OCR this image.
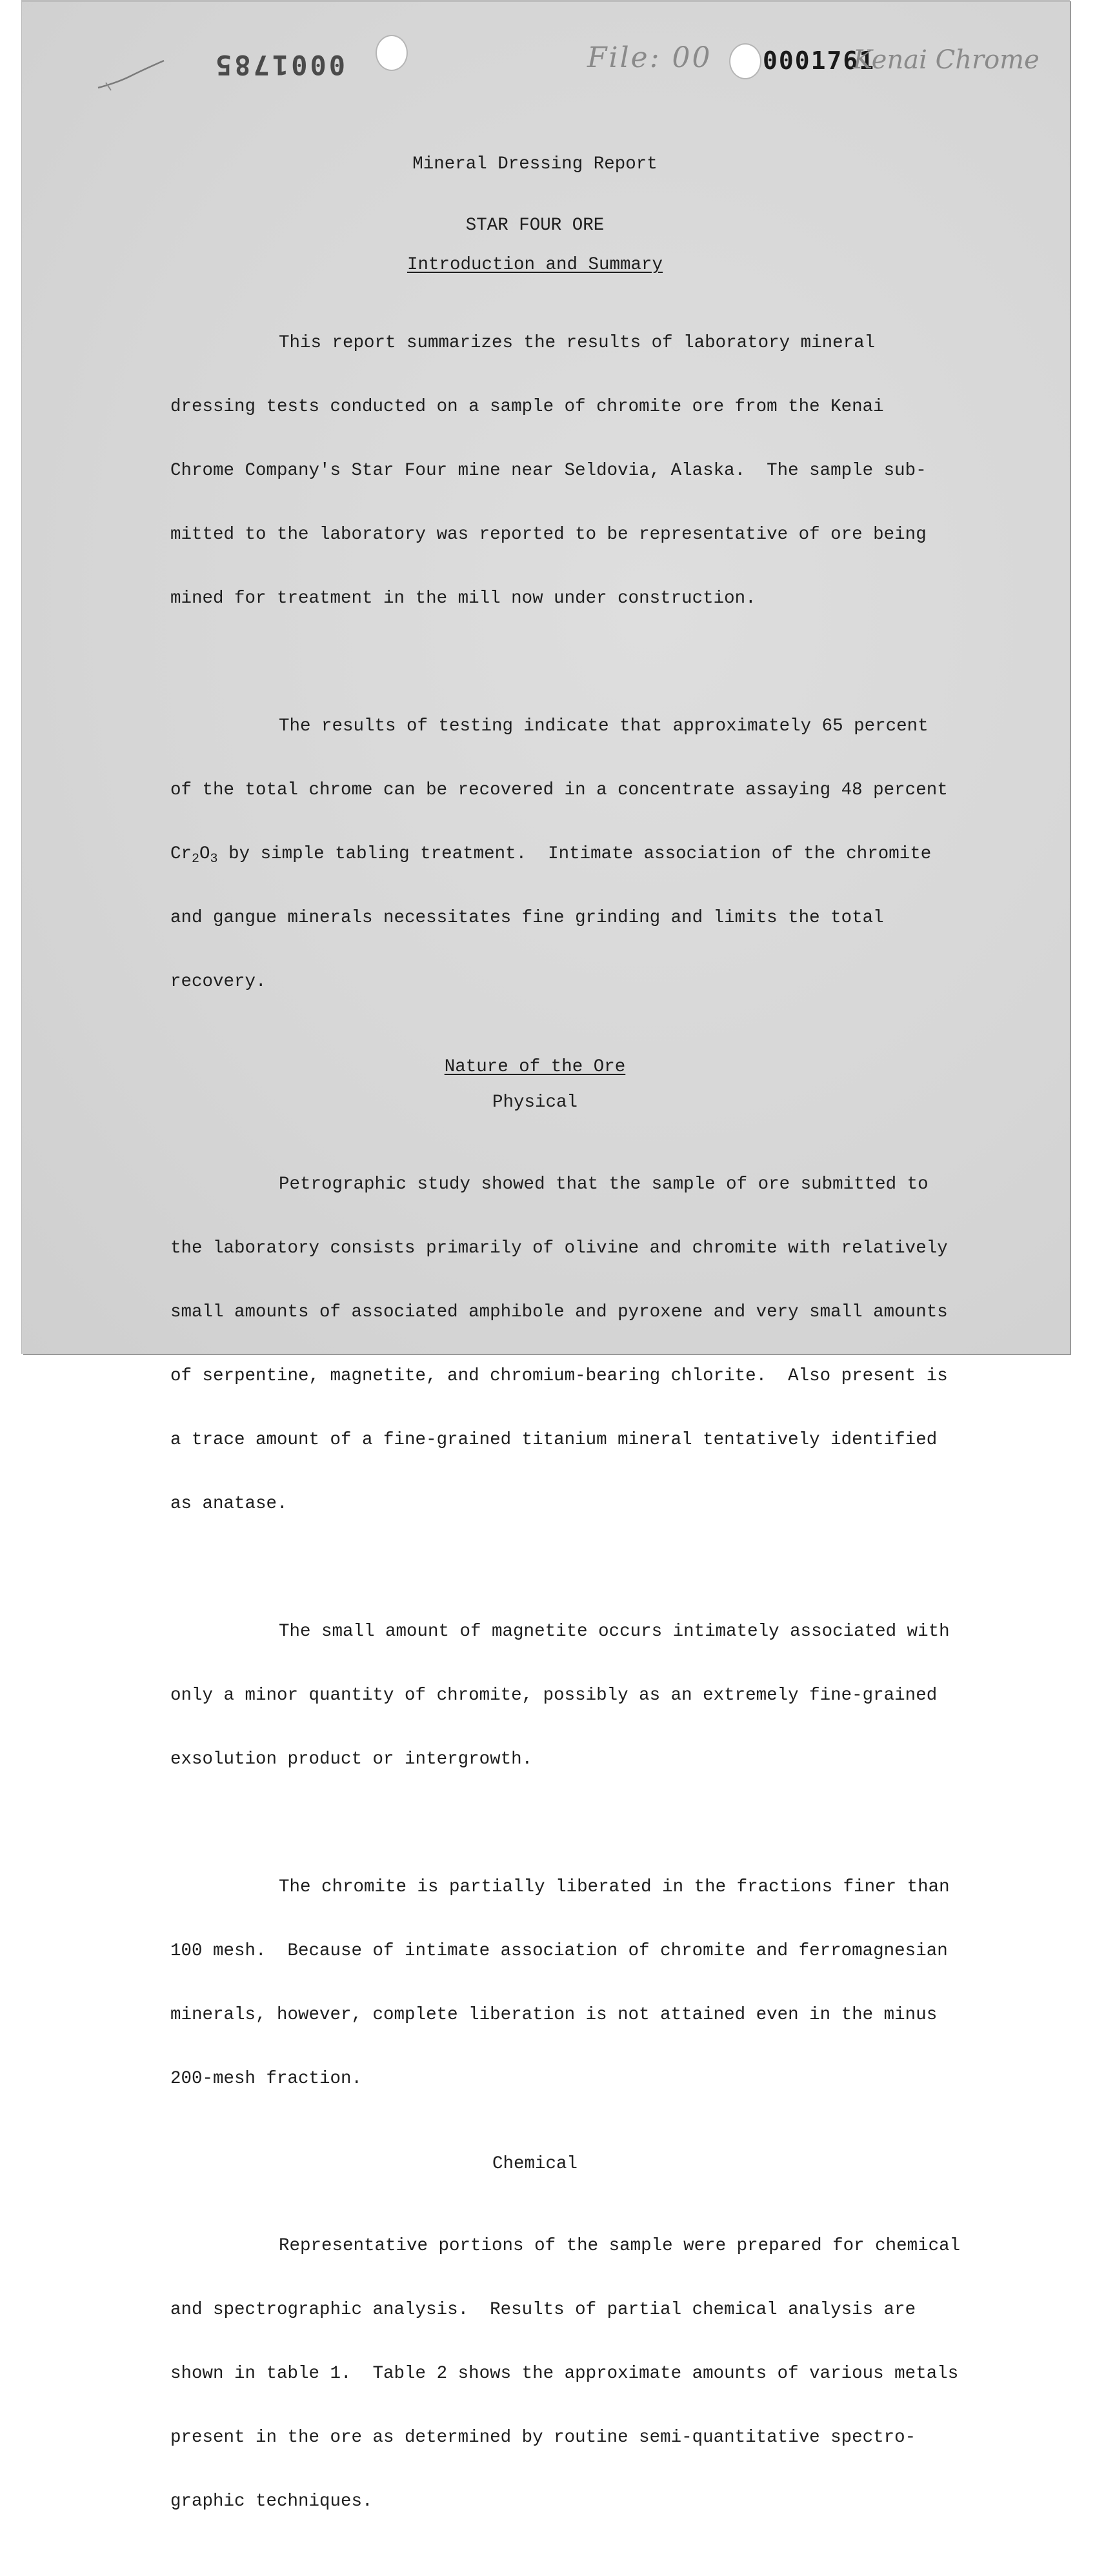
0001785	File: 00 0001761
Kenai Chrome
Mineral Dressing Report
STAR FOUR ORE
Introduction and Summary

This report summarizes the results of laboratory mineral

dressing tests conducted on a sample of chromite ore from the Kenai

Chrome Company's Star Four mine near Seldovia, Alaska.  The sample sub-

mitted to the laboratory was reported to be representative of ore being

mined for treatment in the mill now under construction.

The results of testing indicate that approximately 65 percent

of the total chrome can be recovered in a concentrate assaying 48 percent

$Cr_2O_3$ by simple tabling treatment.  Intimate association of the chromite

and gangue minerals necessitates fine grinding and limits the total

recovery.

Nature of the Ore
Physical

Petrographic study showed that the sample of ore submitted to

the laboratory consists primarily of olivine and chromite with relatively

small amounts of associated amphibole and pyroxene and very small amounts

of serpentine, magnetite, and chromium-bearing chlorite.  Also present is

a trace amount of a fine-grained titanium mineral tentatively identified

as anatase.

The small amount of magnetite occurs intimately associated with

only a minor quantity of chromite, possibly as an extremely fine-grained

exsolution product or intergrowth.

The chromite is partially liberated in the fractions finer than

100 mesh.  Because of intimate association of chromite and ferromagnesian

minerals, however, complete liberation is not attained even in the minus

200-mesh fraction.

Chemical

Representative portions of the sample were prepared for chemical

and spectrographic analysis.  Results of partial chemical analysis are

shown in table 1.  Table 2 shows the approximate amounts of various metals

present in the ore as determined by routine semi-quantitative spectro-

graphic techniques.
